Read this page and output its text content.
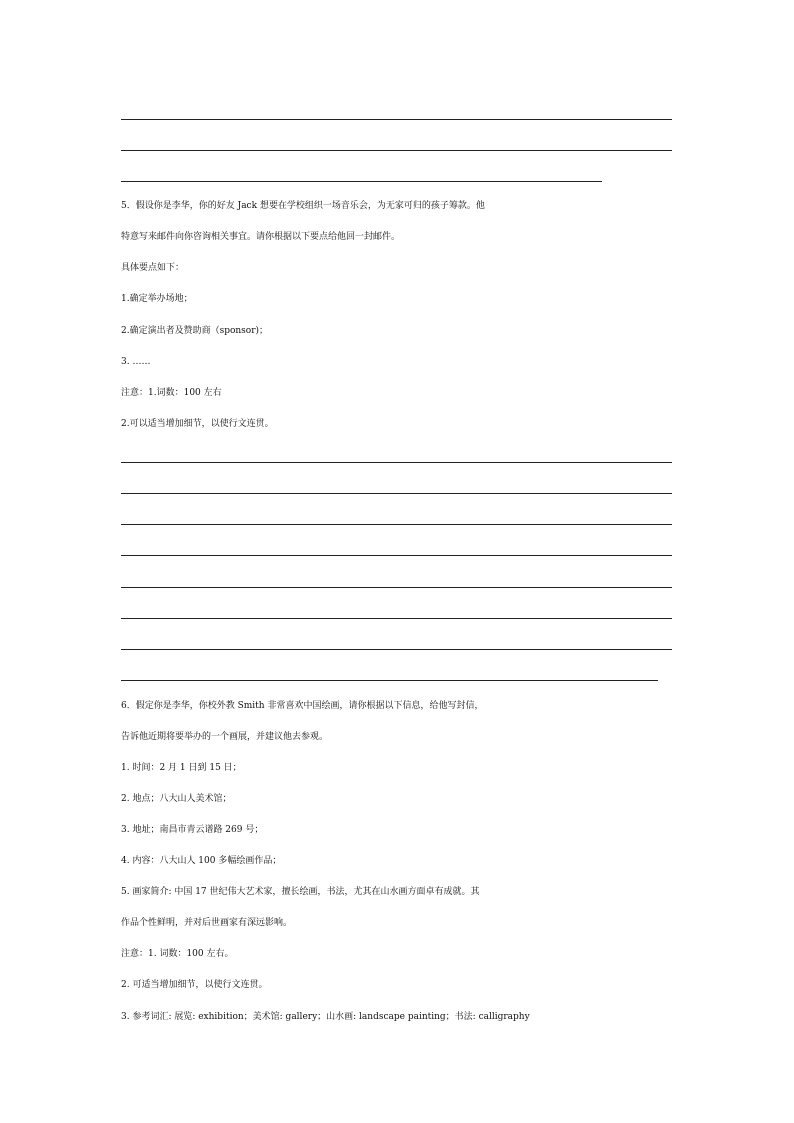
5．假设你是李华，你的好友 Jack 想要在学校组织一场音乐会，为无家可归的孩子筹款。他
特意写来邮件向你咨询相关事宜。请你根据以下要点给他回一封邮件。
具体要点如下：
1.确定举办场地；
2.确定演出者及赞助商（sponsor)；
3. ……
注意：1.词数：100 左右
2.可以适当增加细节，以使行文连贯。
6．假定你是李华，你校外教 Smith 非常喜欢中国绘画，请你根据以下信息，给他写封信，
告诉他近期将要举办的一个画展，并建议他去参观。
1. 时间：2 月 1 日到 15 日；
2. 地点；八大山人美术馆；
3. 地址；南昌市青云谱路 269 号；
4. 内容：八大山人 100 多幅绘画作品；
5. 画家简介: 中国 17 世纪伟大艺术家，擅长绘画，书法，尤其在山水画方面卓有成就。其
作品个性鲜明，并对后世画家有深远影响。
注意：1. 词数：100 左右。
2. 可适当增加细节，以使行文连贯。
3. 参考词汇: 展览: exhibition；美术馆: gallery；山水画: landscape painting；书法: calligraphy
